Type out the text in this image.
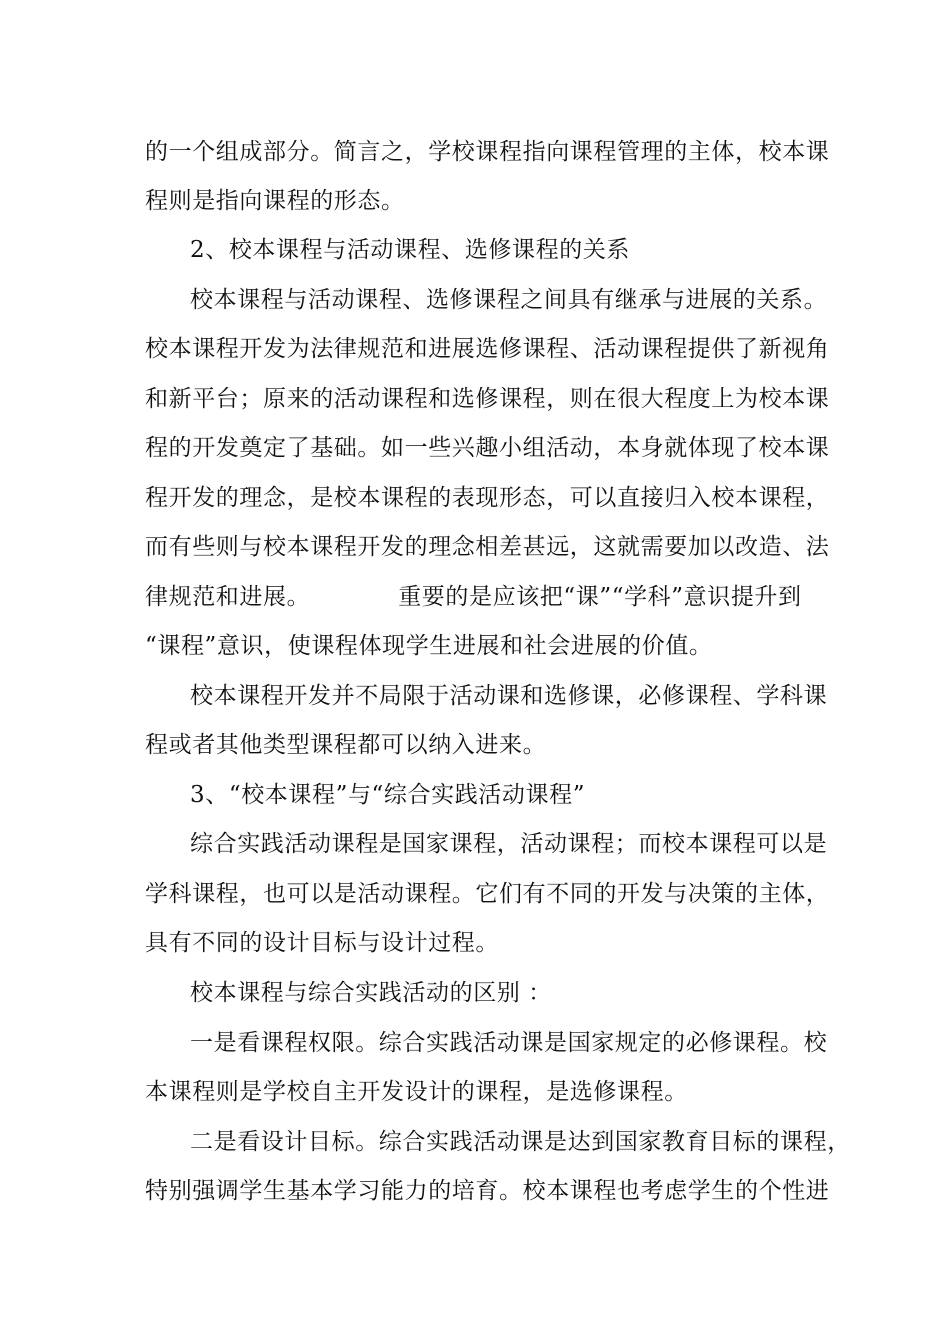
的一个组成部分。简言之，学校课程指向课程管理的主体，校本课
程则是指向课程的形态。
2、校本课程与活动课程、选修课程的关系
校本课程与活动课程、选修课程之间具有继承与进展的关系。
校本课程开发为法律规范和进展选修课程、活动课程提供了新视角
和新平台；原来的活动课程和选修课程，则在很大程度上为校本课
程的开发奠定了基础。如一些兴趣小组活动，本身就体现了校本课
程开发的理念，是校本课程的表现形态，可以直接归入校本课程，
而有些则与校本课程开发的理念相差甚远，这就需要加以改造、法
律规范和进展。	重要的是应该把“课”“学科”意识提升到
“课程”意识，使课程体现学生进展和社会进展的价值。
校本课程开发并不局限于活动课和选修课，必修课程、学科课
程或者其他类型课程都可以纳入进来。
3、“校本课程”与“综合实践活动课程”
综合实践活动课程是国家课程，活动课程；而校本课程可以是
学科课程，也可以是活动课程。它们有不同的开发与决策的主体，
具有不同的设计目标与设计过程。
校本课程与综合实践活动的区别 ：
一是看课程权限。综合实践活动课是国家规定的必修课程。校
本课程则是学校自主开发设计的课程，是选修课程。
二是看设计目标。综合实践活动课是达到国家教育目标的课程，
特别强调学生基本学习能力的培育。校本课程也考虑学生的个性进
